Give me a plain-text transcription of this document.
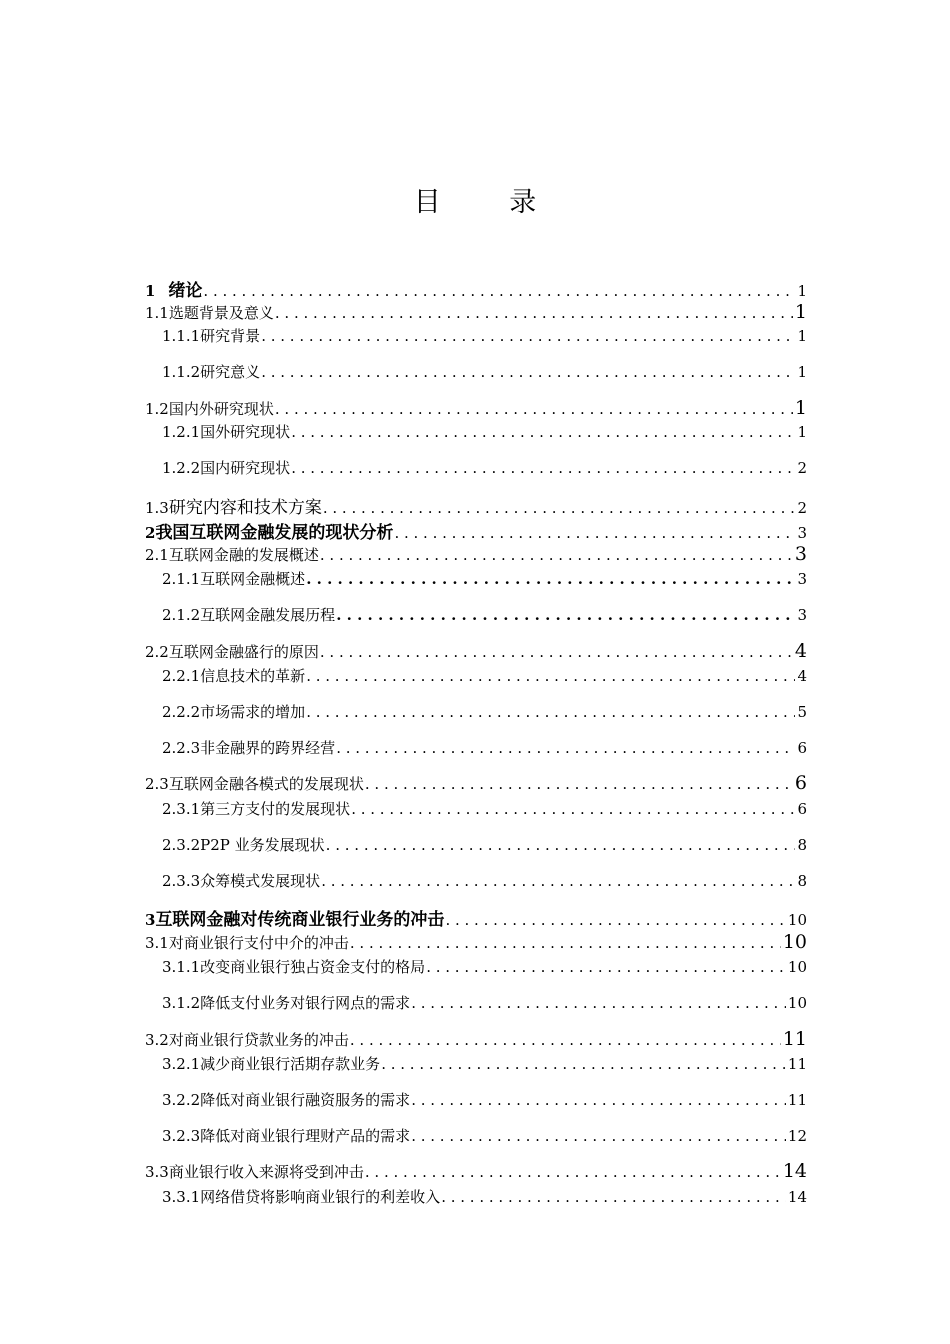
目 录
1 绪论 . . .	1
1.1 选题背景及意义 . . .	1
1.1.1 研究背景 . . .	1
1.1.2 研究意义 . . .	1
1.2 国内外研究现状 . . .	1
1.2.1 国外研究现状 . . .	1
1.2.2 国内研究现状 . . .	2
1.3 研究内容和技术方案 . . .	2
2 我国互联网金融发展的现状分析 . . .	3
2.1 互联网金融的发展概述 . . .	3
2.1.1 互联网金融概述 . . .	3
2.1.2 互联网金融发展历程 . . .	3
2.2 互联网金融盛行的原因 . . .	4
2.2.1 信息技术的革新 . . .	4
2.2.2 市场需求的增加 . . .	5
2.2.3 非金融界的跨界经营 . . .	6
2.3 互联网金融各模式的发展现状 . . .	6
2.3.1 第三方支付的发展现状 . . .	6
2.3.2 P2P 业务发展现状 . . .	8
2.3.3 众筹模式发展现状 . . .	8
3 互联网金融对传统商业银行业务的冲击 . . .	10
3.1 对商业银行支付中介的冲击 . . .	10
3.1.1 改变商业银行独占资金支付的格局 . . .	10
3.1.2 降低支付业务对银行网点的需求 . . .	10
3.2 对商业银行贷款业务的冲击 . . .	11
3.2.1 减少商业银行活期存款业务 . . .	11
3.2.2 降低对商业银行融资服务的需求 . . .	11
3.2.3 降低对商业银行理财产品的需求 . . .	12
3.3 商业银行收入来源将受到冲击 . . .	14
3.3.1 网络借贷将影响商业银行的利差收入 . . .	14
